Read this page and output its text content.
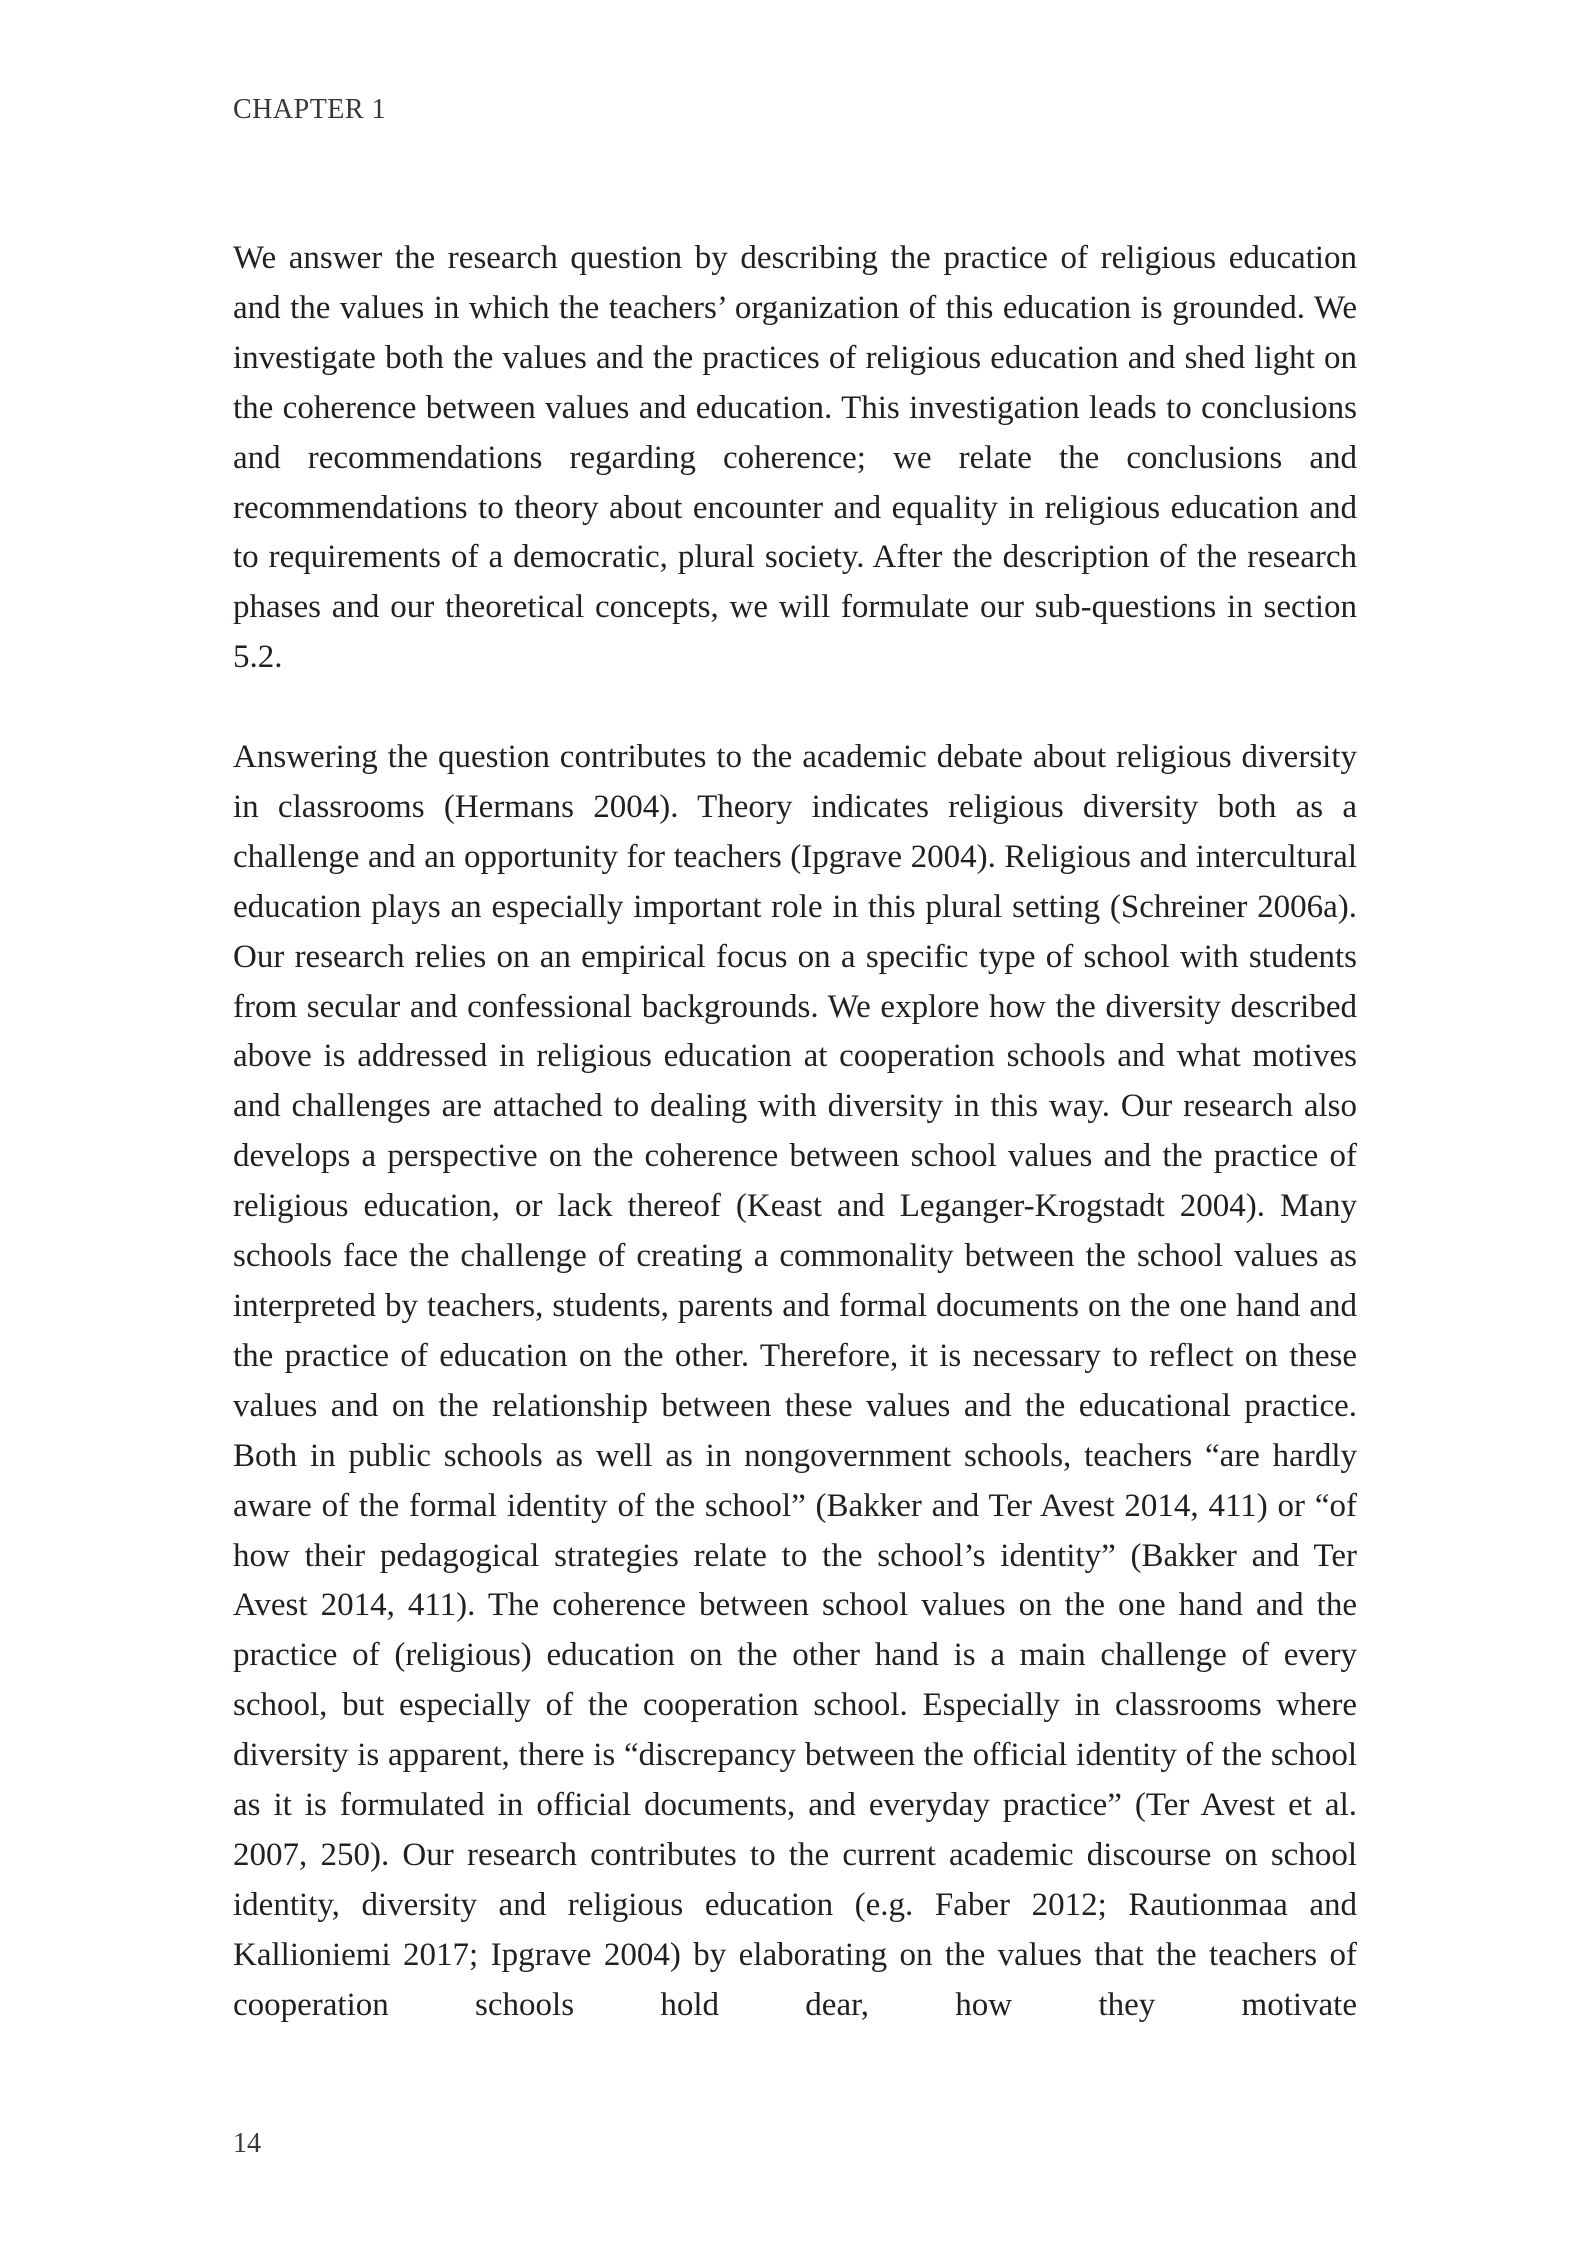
CHAPTER 1

We answer the research question by describing the practice of religious education and the values in which the teachers’ organization of this education is grounded. We investigate both the values and the practices of religious education and shed light on the coherence between values and education. This investigation leads to conclusions and recommendations regarding coherence; we relate the conclusions and recommendations to theory about encounter and equality in religious education and to requirements of a democratic, plural society. After the description of the research phases and our theoretical concepts, we will formulate our sub-questions in section 5.2.

Answering the question contributes to the academic debate about religious diversity in classrooms (Hermans 2004). Theory indicates religious diversity both as a challenge and an opportunity for teachers (Ipgrave 2004). Religious and intercultural education plays an especially important role in this plural setting (Schreiner 2006a). Our research relies on an empirical focus on a specific type of school with students from secular and confessional backgrounds. We explore how the diversity described above is addressed in religious education at cooperation schools and what motives and challenges are attached to dealing with diversity in this way. Our research also develops a perspective on the coherence between school values and the practice of religious education, or lack thereof (Keast and Leganger-Krogstadt 2004). Many schools face the challenge of creating a commonality between the school values as interpreted by teachers, students, parents and formal documents on the one hand and the practice of education on the other. Therefore, it is necessary to reflect on these values and on the relationship between these values and the educational practice. Both in public schools as well as in nongovernment schools, teachers “are hardly aware of the formal identity of the school” (Bakker and Ter Avest 2014, 411) or “of how their pedagogical strategies relate to the school’s identity” (Bakker and Ter Avest 2014, 411). The coherence between school values on the one hand and the practice of (religious) education on the other hand is a main challenge of every school, but especially of the cooperation school. Especially in classrooms where diversity is apparent, there is “discrepancy between the official identity of the school as it is formulated in official documents, and everyday practice” (Ter Avest et al. 2007, 250). Our research contributes to the current academic discourse on school identity, diversity and religious education (e.g. Faber 2012; Rautionmaa and Kallioniemi 2017; Ipgrave 2004) by elaborating on the values that the teachers of cooperation schools hold dear, how they motivate

14
